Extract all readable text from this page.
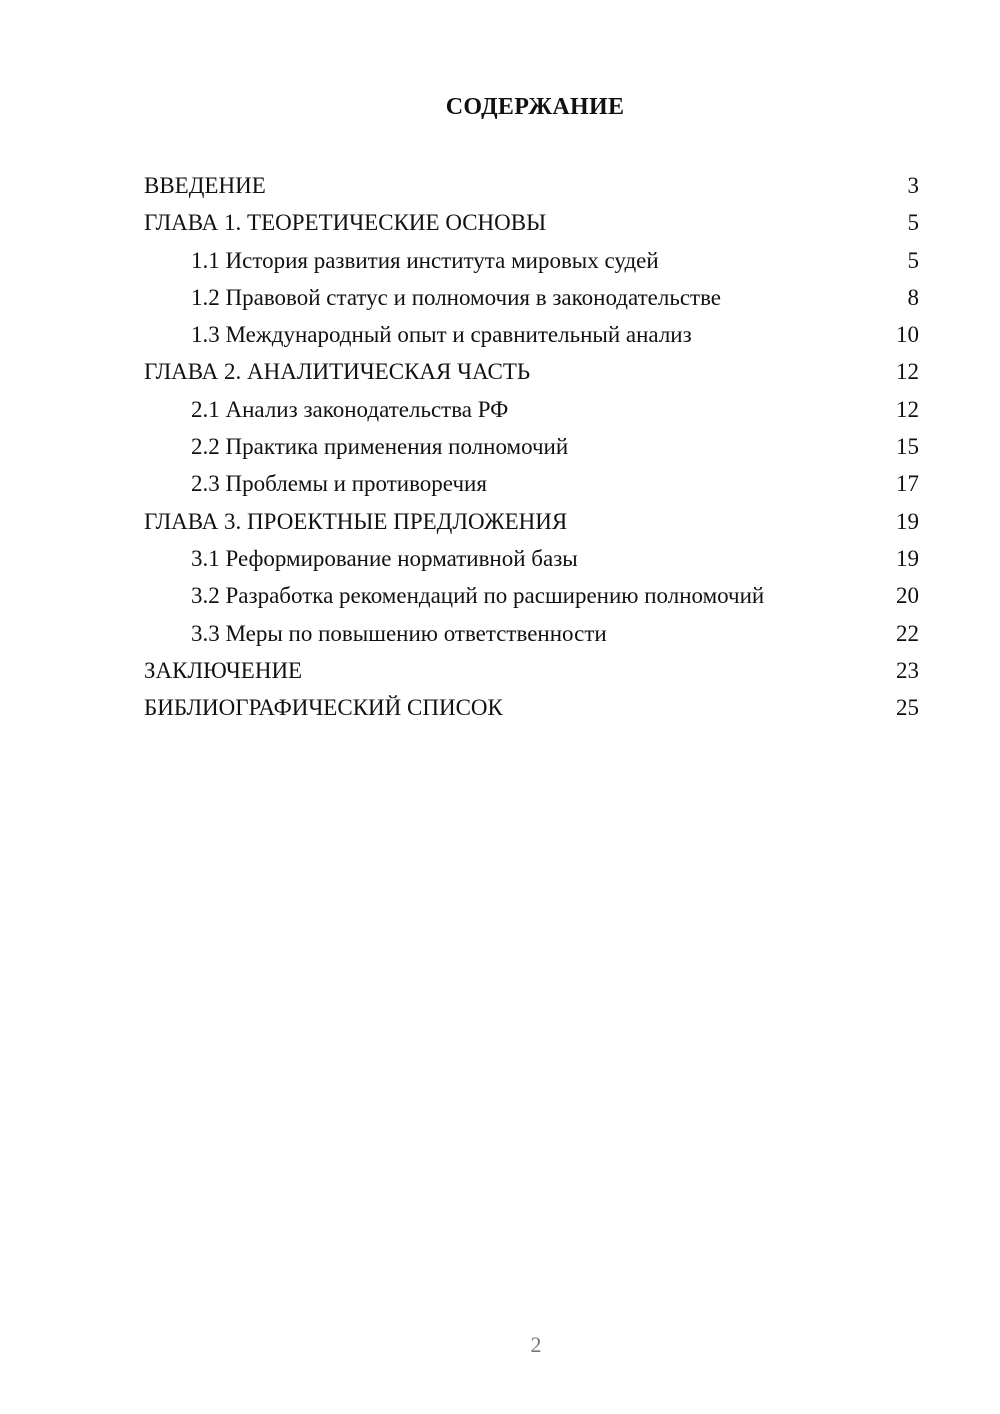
СОДЕРЖАНИЕ
ВВЕДЕНИЕ	3
ГЛАВА 1. ТЕОРЕТИЧЕСКИЕ ОСНОВЫ	5
1.1 История развития института мировых судей	5
1.2 Правовой статус и полномочия в законодательстве	8
1.3 Международный опыт и сравнительный анализ	10
ГЛАВА 2. АНАЛИТИЧЕСКАЯ ЧАСТЬ	12
2.1 Анализ законодательства РФ	12
2.2 Практика применения полномочий	15
2.3 Проблемы и противоречия	17
ГЛАВА 3. ПРОЕКТНЫЕ ПРЕДЛОЖЕНИЯ	19
3.1 Реформирование нормативной базы	19
3.2 Разработка рекомендаций по расширению полномочий	20
3.3 Меры по повышению ответственности	22
ЗАКЛЮЧЕНИЕ	23
БИБЛИОГРАФИЧЕСКИЙ СПИСОК	25
2
